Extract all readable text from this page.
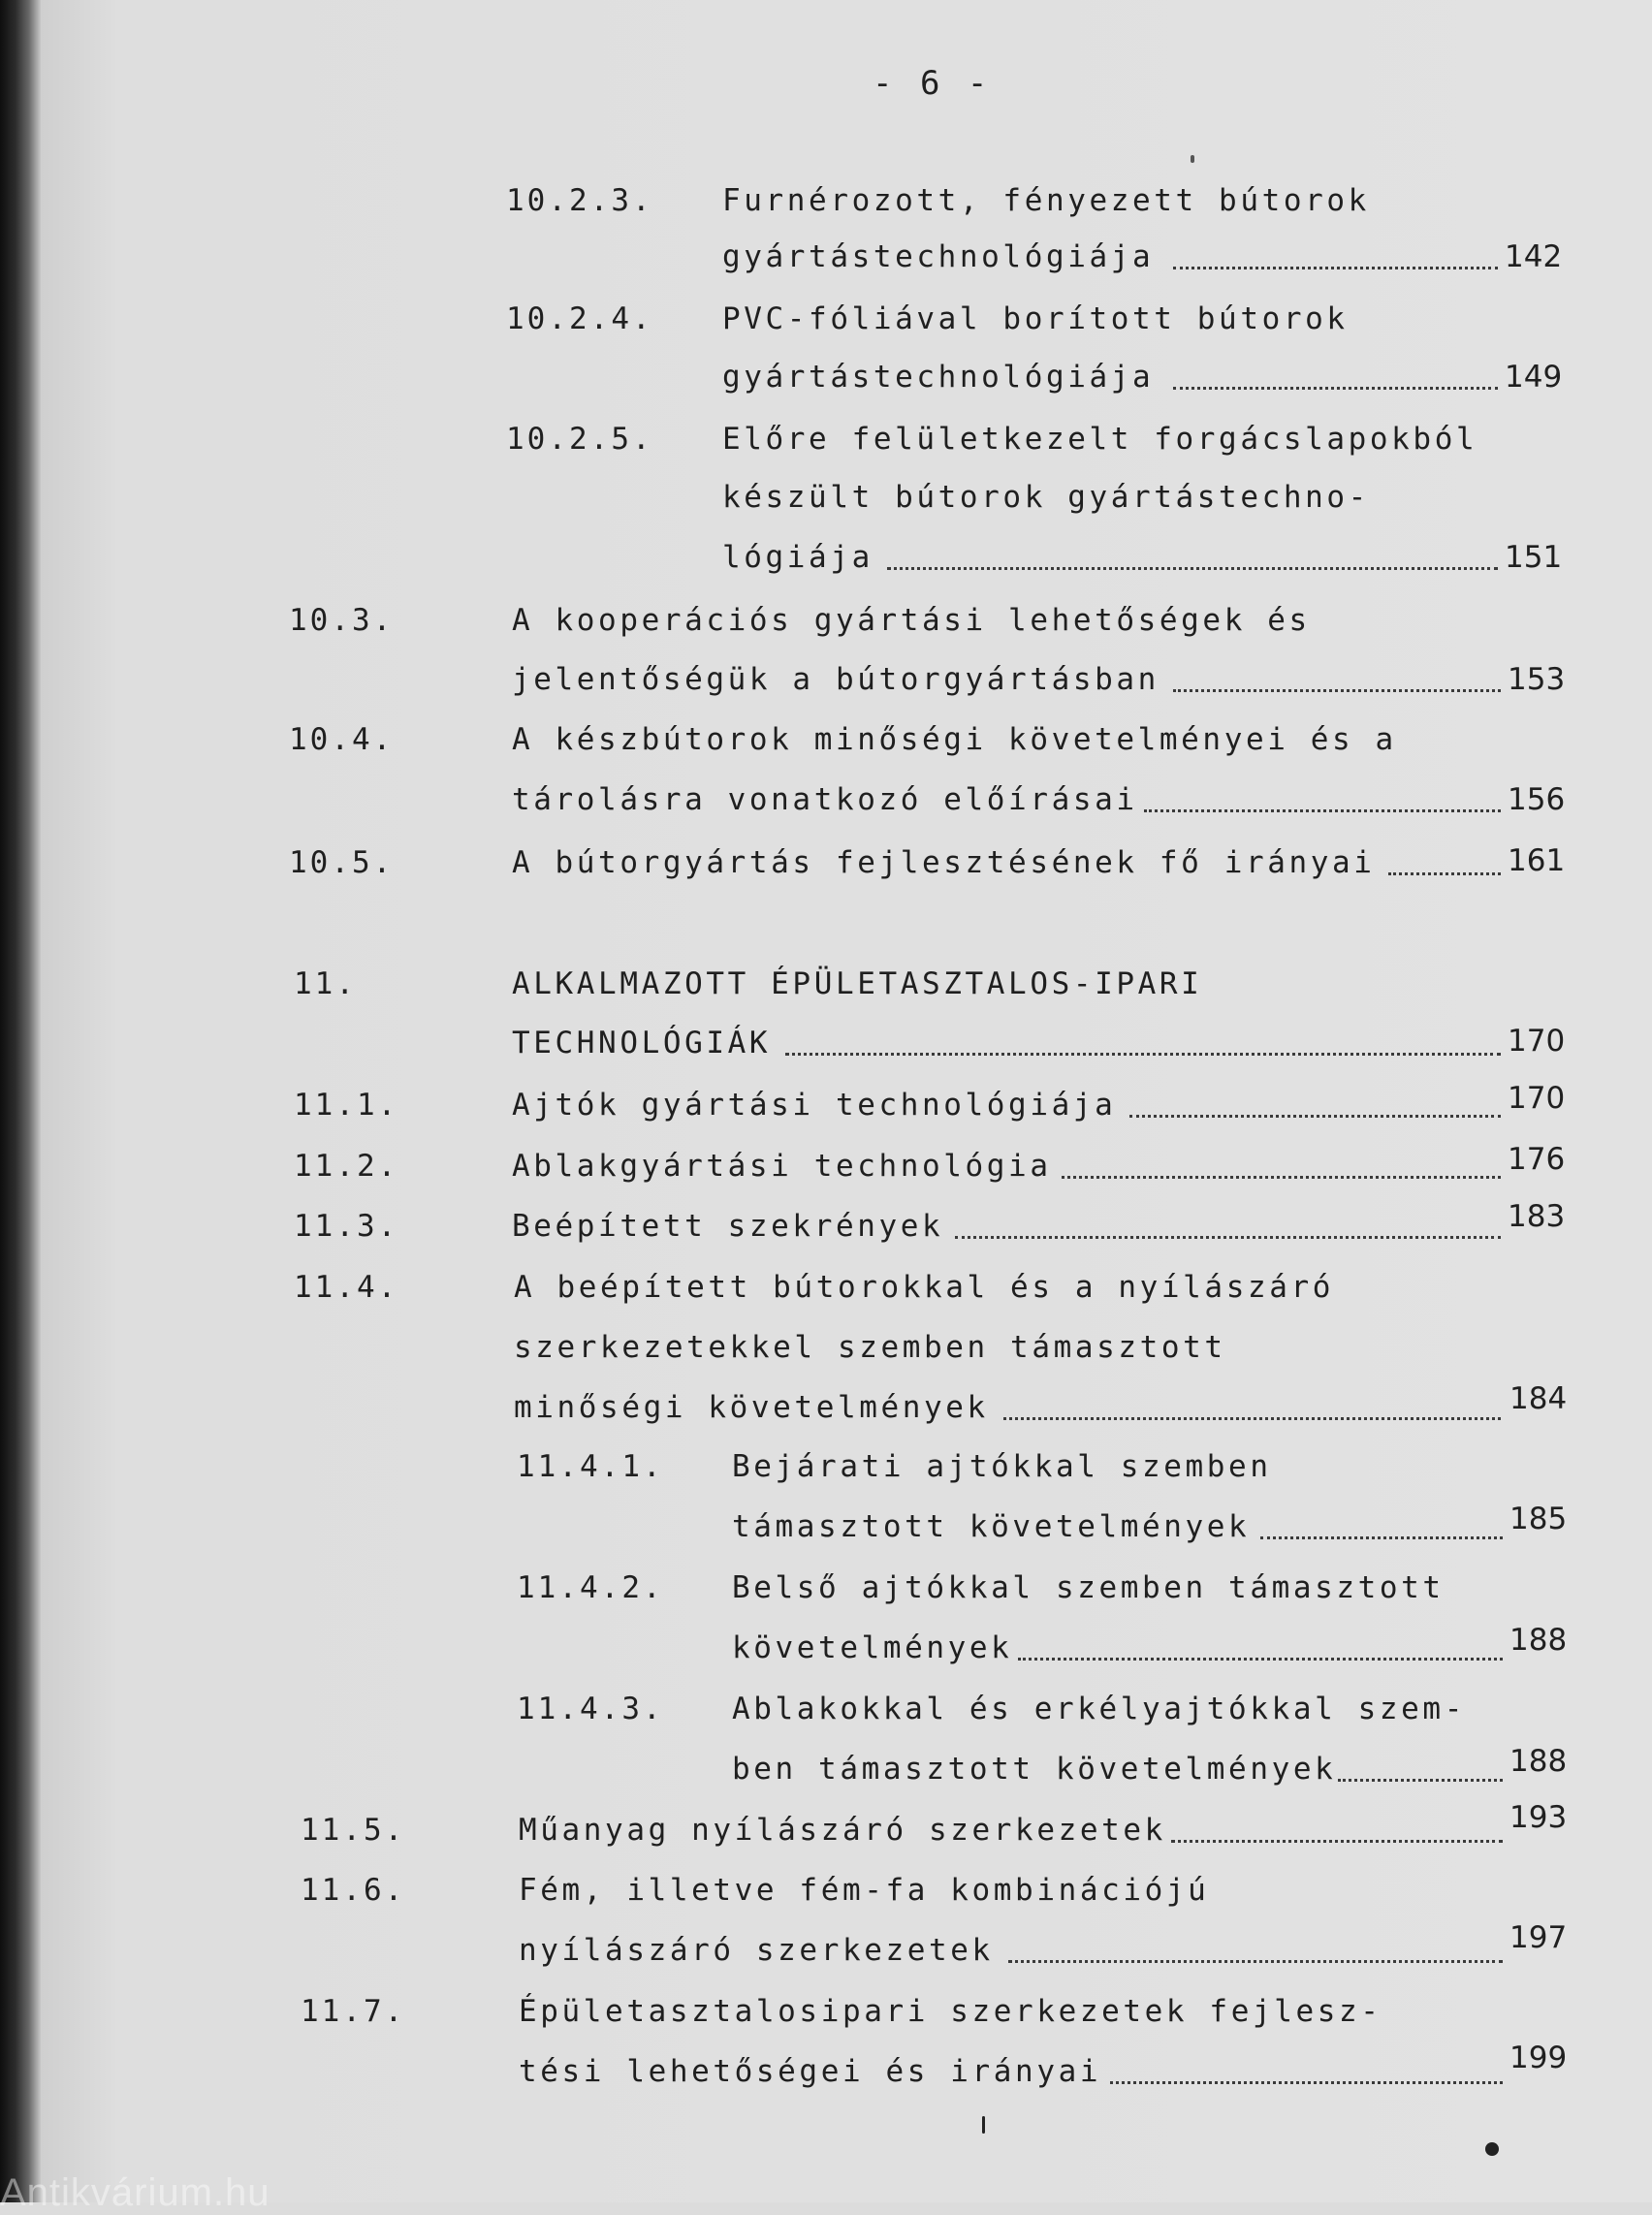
- 6 -
10.2.3. Furnérozott, fényezett bútorok
gyártástechnológiája	142
10.2.4. PVC-fóliával borított bútorok
gyártástechnológiája	149
10.2.5. Előre felületkezelt forgácslapokból
készült bútorok gyártástechno-
lógiája	151
10.3.	A kooperációs gyártási lehetőségek és
jelentőségük a bútorgyártásban	153
10.4.	A készbútorok minőségi követelményei és a
tárolásra vonatkozó előírásai	156
10.5.	A bútorgyártás fejlesztésének fő irányai	161
11.	ALKALMAZOTT ÉPÜLETASZTALOS-IPARI
TECHNOLÓGIÁK	170
11.1.	Ajtók gyártási technológiája	170
11.2.	Ablakgyártási technológia	176
11.3.	Beépített szekrények	183
11.4.	A beépített bútorokkal és a nyílászáró
szerkezetekkel szemben támasztott
minőségi követelmények	184
11.4.1. Bejárati ajtókkal szemben
támasztott követelmények	185
11.4.2. Belső ajtókkal szemben támasztott
követelmények	188
11.4.3. Ablakokkal és erkélyajtókkal szem-
ben támasztott követelmények	188
11.5.	Műanyag nyílászáró szerkezetek	193
11.6.	Fém, illetve fém-fa kombinációjú
nyílászáró szerkezetek	197
11.7.	Épületasztalosipari szerkezetek fejlesz-
tési lehetőségei és irányai	199
Antikvárium.hu
